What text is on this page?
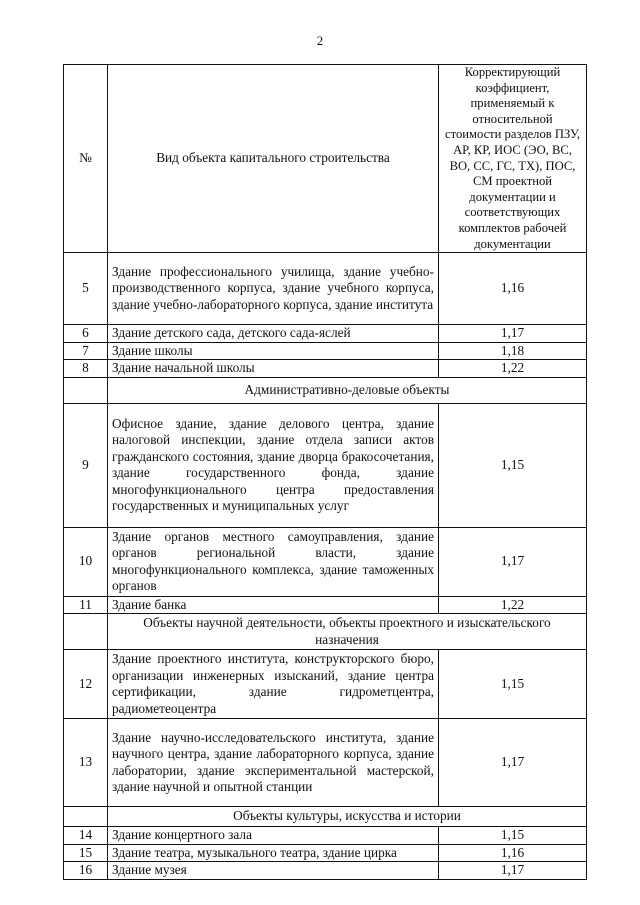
2
№	Вид объекта капитального строительства	Корректирующий коэффициент, применяемый к относительной стоимости разделов ПЗУ, АР, КР, ИОС (ЭО, ВС, ВО, СС, ГС, ТХ), ПОС, СМ проектной документации и соответствующих комплектов рабочей документации
5	Здание профессионального училища, здание учебно-производственного корпуса, здание учебного корпуса, здание учебно-лабораторного корпуса, здание института	1,16
6	Здание детского сада, детского сада-яслей	1,17
7	Здание школы	1,18
8	Здание начальной школы	1,22
	Административно-деловые объекты	
9	Офисное здание, здание делового центра, здание налоговой инспекции, здание отдела записи актов гражданского состояния, здание дворца бракосочетания, здание государственного фонда, здание многофункционального центра предоставления государственных и муниципальных услуг	1,15
10	Здание органов местного самоуправления, здание органов региональной власти, здание многофункционального комплекса, здание таможенных органов	1,17
11	Здание банка	1,22
	Объекты научной деятельности, объекты проектного и изыскательского назначения	
12	Здание проектного института, конструкторского бюро, организации инженерных изысканий, здание центра сертификации, здание гидрометцентра, радиометеоцентра	1,15
13	Здание научно-исследовательского института, здание научного центра, здание лабораторного корпуса, здание лаборатории, здание экспериментальной мастерской, здание научной и опытной станции	1,17
	Объекты культуры, искусства и истории	
14	Здание концертного зала	1,15
15	Здание театра, музыкального театра, здание цирка	1,16
16	Здание музея	1,17
